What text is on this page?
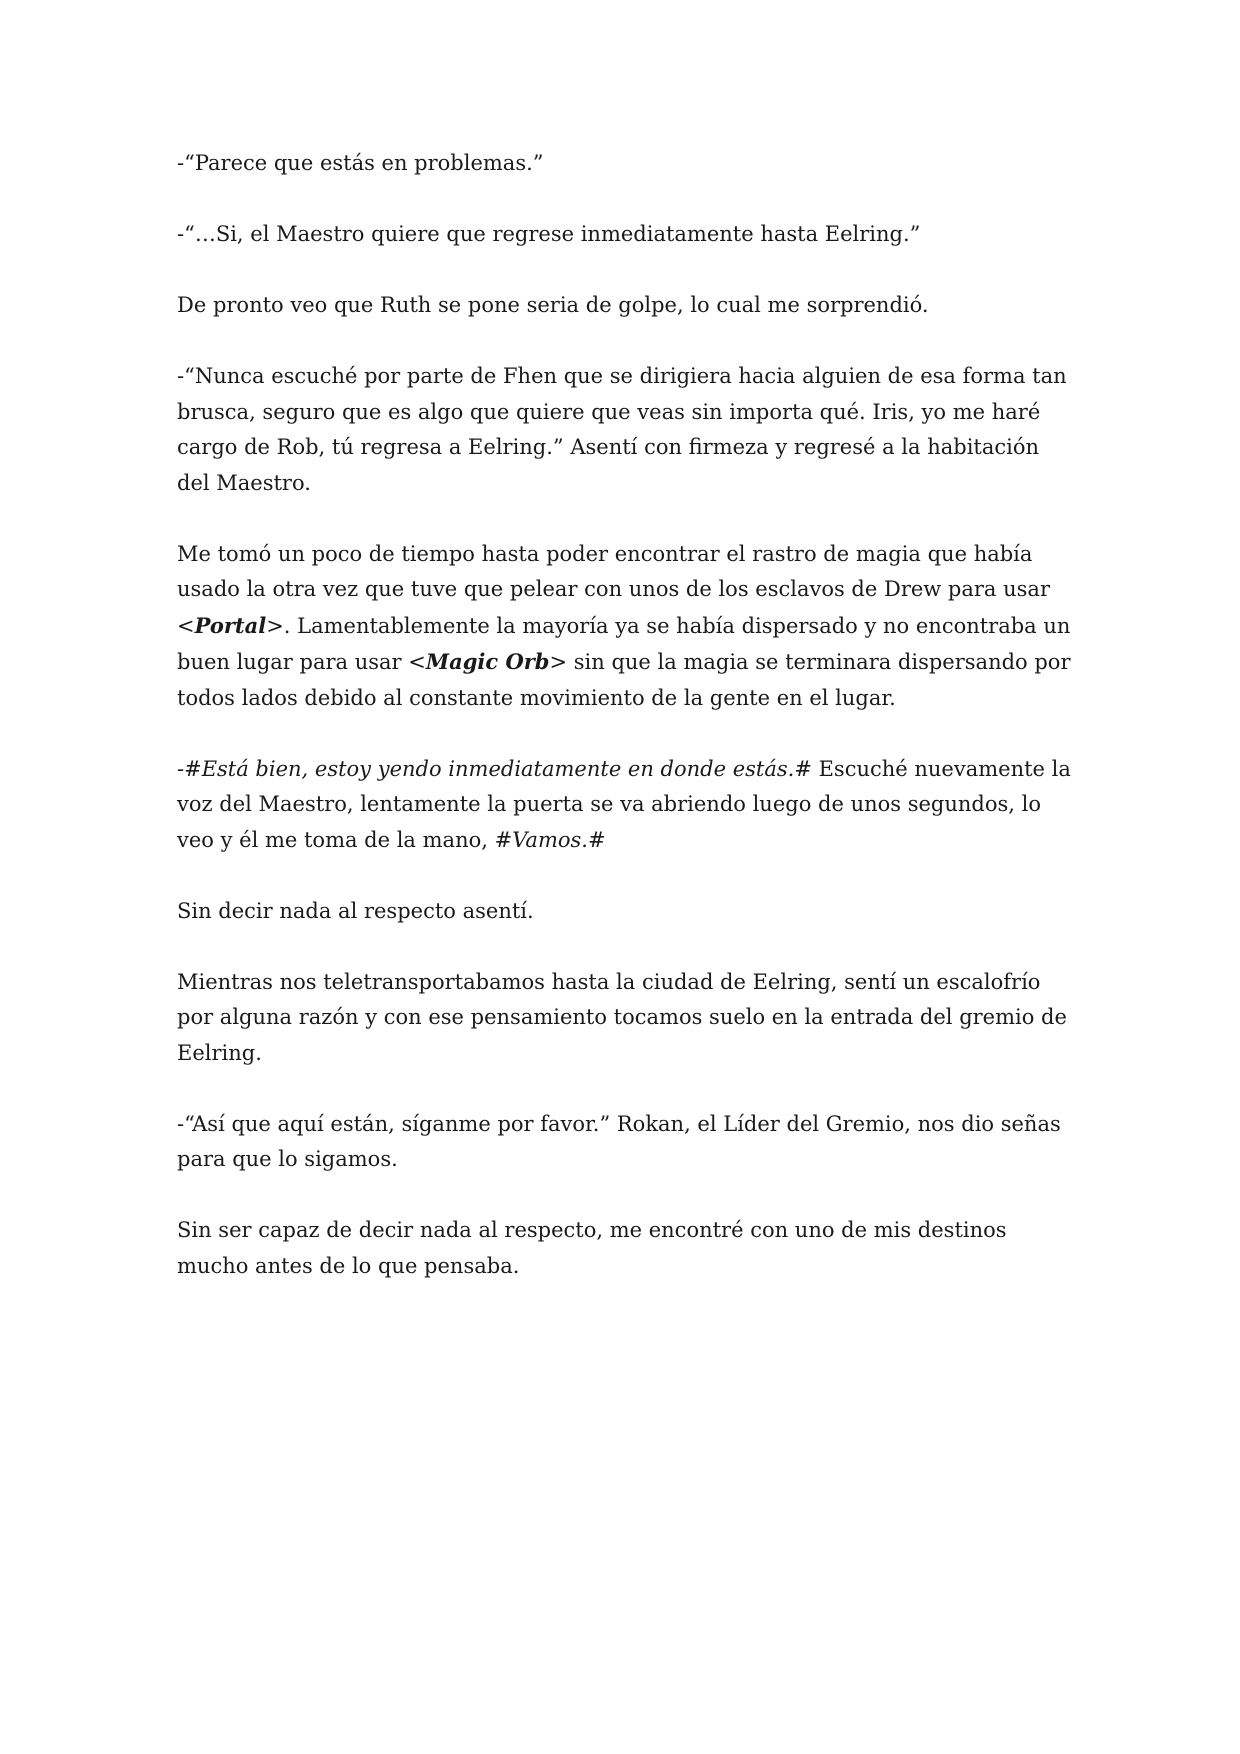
-“Parece que estás en problemas.”

-“…Si, el Maestro quiere que regrese inmediatamente hasta Eelring.”

De pronto veo que Ruth se pone seria de golpe, lo cual me sorprendió.

-“Nunca escuché por parte de Fhen que se dirigiera hacia alguien de esa forma tan brusca, seguro que es algo que quiere que veas sin importa qué. Iris, yo me haré cargo de Rob, tú regresa a Eelring.” Asentí con firmeza y regresé a la habitación del Maestro.

Me tomó un poco de tiempo hasta poder encontrar el rastro de magia que había usado la otra vez que tuve que pelear con unos de los esclavos de Drew para usar <Portal>. Lamentablemente la mayoría ya se había dispersado y no encontraba un buen lugar para usar <Magic Orb> sin que la magia se terminara dispersando por todos lados debido al constante movimiento de la gente en el lugar.

-#Está bien, estoy yendo inmediatamente en donde estás.# Escuché nuevamente la voz del Maestro, lentamente la puerta se va abriendo luego de unos segundos, lo veo y él me toma de la mano, #Vamos.#

Sin decir nada al respecto asentí.

Mientras nos teletransportabamos hasta la ciudad de Eelring, sentí un escalofrío por alguna razón y con ese pensamiento tocamos suelo en la entrada del gremio de Eelring.

-“Así que aquí están, síganme por favor.” Rokan, el Líder del Gremio, nos dio señas para que lo sigamos.

Sin ser capaz de decir nada al respecto, me encontré con uno de mis destinos mucho antes de lo que pensaba.
